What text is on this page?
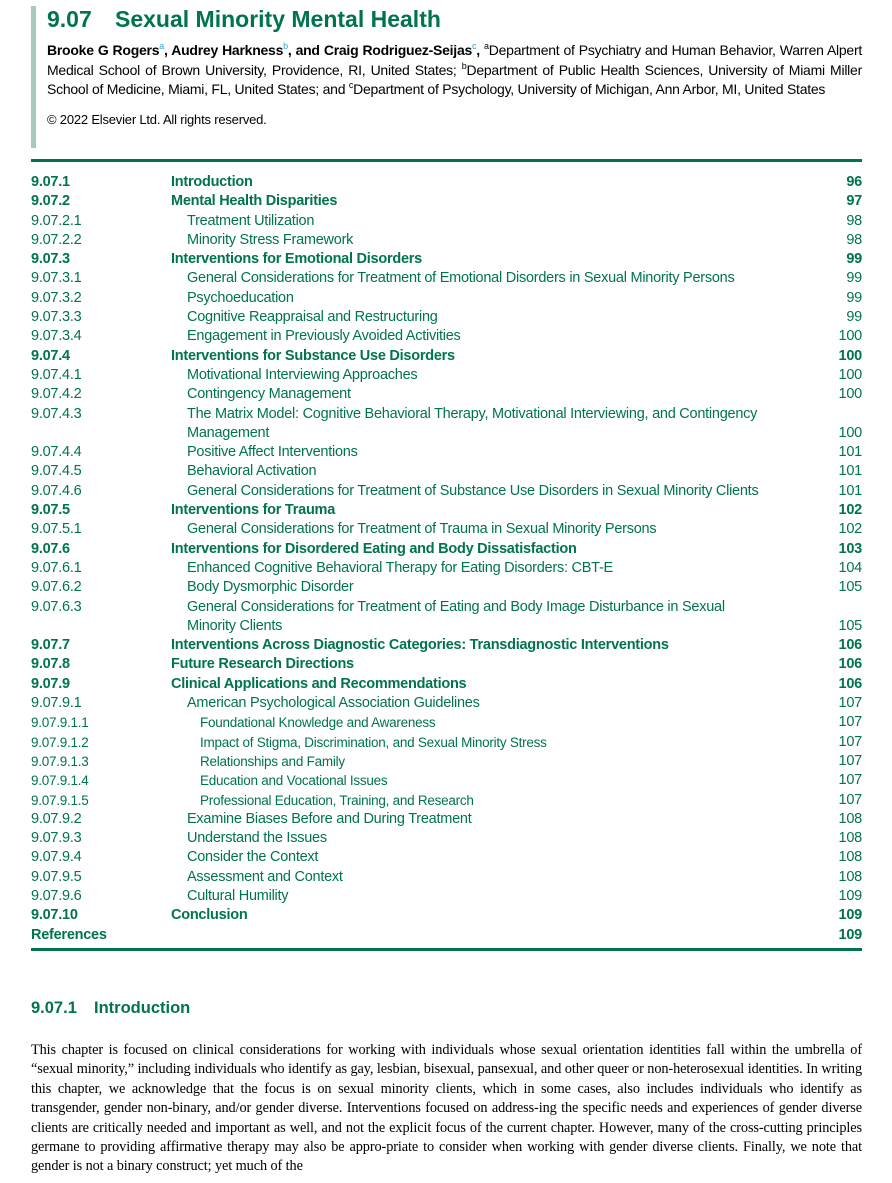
9.07	Sexual Minority Mental Health
Brooke G Rogers$^a$, Audrey Harkness$^b$, and Craig Rodriguez-Seijas$^c$, $^a$Department of Psychiatry and Human Behavior, Warren Alpert Medical School of Brown University, Providence, RI, United States; $^b$Department of Public Health Sciences, University of Miami Miller School of Medicine, Miami, FL, United States; and $^c$Department of Psychology, University of Michigan, Ann Arbor, MI, United States
© 2022 Elsevier Ltd. All rights reserved.
9.07.1	Introduction	96
9.07.2	Mental Health Disparities	97
9.07.2.1	Treatment Utilization	98
9.07.2.2	Minority Stress Framework	98
9.07.3	Interventions for Emotional Disorders	99
9.07.3.1	General Considerations for Treatment of Emotional Disorders in Sexual Minority Persons	99
9.07.3.2	Psychoeducation	99
9.07.3.3	Cognitive Reappraisal and Restructuring	99
9.07.3.4	Engagement in Previously Avoided Activities	100
9.07.4	Interventions for Substance Use Disorders	100
9.07.4.1	Motivational Interviewing Approaches	100
9.07.4.2	Contingency Management	100
9.07.4.3	The Matrix Model: Cognitive Behavioral Therapy, Motivational Interviewing, and Contingency Management	100
9.07.4.4	Positive Affect Interventions	101
9.07.4.5	Behavioral Activation	101
9.07.4.6	General Considerations for Treatment of Substance Use Disorders in Sexual Minority Clients	101
9.07.5	Interventions for Trauma	102
9.07.5.1	General Considerations for Treatment of Trauma in Sexual Minority Persons	102
9.07.6	Interventions for Disordered Eating and Body Dissatisfaction	103
9.07.6.1	Enhanced Cognitive Behavioral Therapy for Eating Disorders: CBT-E	104
9.07.6.2	Body Dysmorphic Disorder	105
9.07.6.3	General Considerations for Treatment of Eating and Body Image Disturbance in Sexual Minority Clients	105
9.07.7	Interventions Across Diagnostic Categories: Transdiagnostic Interventions	106
9.07.8	Future Research Directions	106
9.07.9	Clinical Applications and Recommendations	106
9.07.9.1	American Psychological Association Guidelines	107
9.07.9.1.1	Foundational Knowledge and Awareness	107
9.07.9.1.2	Impact of Stigma, Discrimination, and Sexual Minority Stress	107
9.07.9.1.3	Relationships and Family	107
9.07.9.1.4	Education and Vocational Issues	107
9.07.9.1.5	Professional Education, Training, and Research	107
9.07.9.2	Examine Biases Before and During Treatment	108
9.07.9.3	Understand the Issues	108
9.07.9.4	Consider the Context	108
9.07.9.5	Assessment and Context	108
9.07.9.6	Cultural Humility	109
9.07.10	Conclusion	109
References	109
9.07.1	Introduction
This chapter is focused on clinical considerations for working with individuals whose sexual orientation identities fall within the umbrella of “sexual minority,” including individuals who identify as gay, lesbian, bisexual, pansexual, and other queer or non-heterosexual identities. In writing this chapter, we acknowledge that the focus is on sexual minority clients, which in some cases, also includes individuals who identify as transgender, gender non-binary, and/or gender diverse. Interventions focused on address-ing the specific needs and experiences of gender diverse clients are critically needed and important as well, and not the explicit focus of the current chapter. However, many of the cross-cutting principles germane to providing affirmative therapy may also be appro-priate to consider when working with gender diverse clients. Finally, we note that gender is not a binary construct; yet much of the
